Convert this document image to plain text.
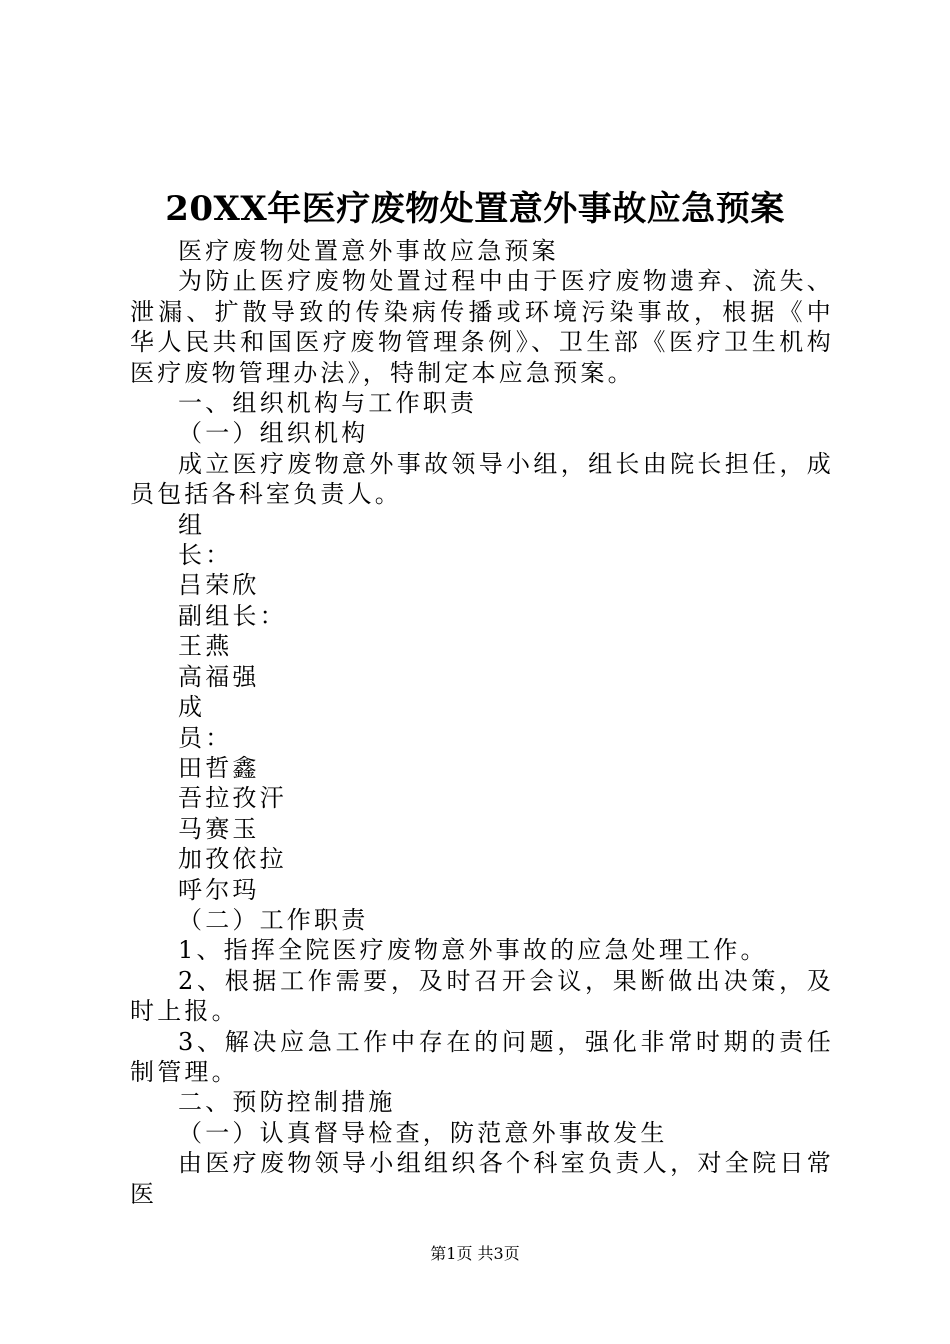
20XX年医疗废物处置意外事故应急预案

医疗废物处置意外事故应急预案

为防止医疗废物处置过程中由于医疗废物遗弃、流失、泄漏、扩散导致的传染病传播或环境污染事故，根据《中华人民共和国医疗废物管理条例》、卫生部《医疗卫生机构医疗废物管理办法》，特制定本应急预案。

一、组织机构与工作职责

（一）组织机构

成立医疗废物意外事故领导小组，组长由院长担任，成员包括各科室负责人。

组
长：
吕荣欣
副组长：
王燕
高福强
成
员：
田哲鑫
吾拉孜汗
马赛玉
加孜依拉
呼尔玛

（二）工作职责

1、指挥全院医疗废物意外事故的应急处理工作。

2、根据工作需要，及时召开会议，果断做出决策，及时上报。

3、解决应急工作中存在的问题，强化非常时期的责任制管理。

二、预防控制措施

（一）认真督导检查，防范意外事故发生

由医疗废物领导小组组织各个科室负责人，对全院日常医

第1页 共3页
